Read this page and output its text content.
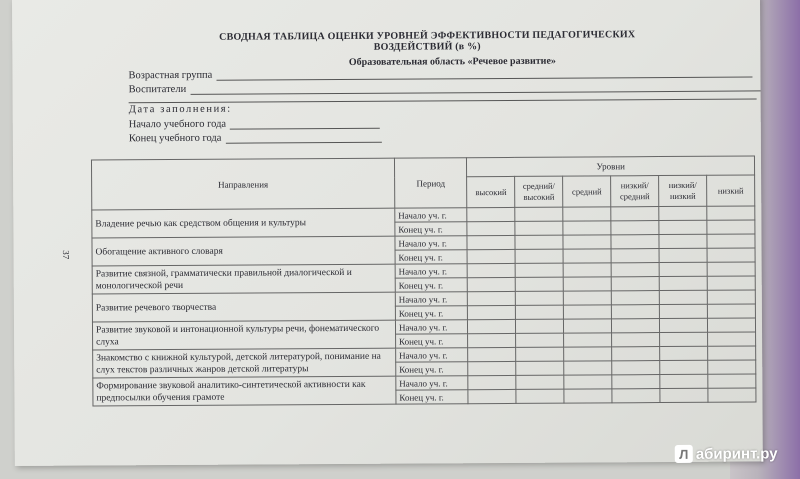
СВОДНАЯ ТАБЛИЦА ОЦЕНКИ УРОВНЕЙ ЭФФЕКТИВНОСТИ ПЕДАГОГИЧЕСКИХ ВОЗДЕЙСТВИЙ (в %)
Образовательная область «Речевое развитие»
Возрастная группа
Воспитатели
Дата заполнения:
Начало учебного года
Конец учебного года
37
Направления	Период	Уровни					
		высокий	средний/ высокий	средний	низкий/ средний	низкий/ низкий	низкий
Владение речью как средством общения и культуры	Начало уч. г.						
	Конец уч. г.						
Обогащение активного словаря	Начало уч. г.						
	Конец уч. г.						
Развитие связной, грамматически правильной диалогической и монологической речи	Начало уч. г.						
	Конец уч. г.						
Развитие речевого творчества	Начало уч. г.						
	Конец уч. г.						
Развитие звуковой и интонационной культуры речи, фонематического слуха	Начало уч. г.						
	Конец уч. г.						
Знакомство с книжной культурой, детской литературой, понимание на слух текстов различных жанров детской литературы	Начало уч. г.						
	Конец уч. г.						
Формирование звуковой аналитико-синтетической активности как предпосылки обучения грамоте	Начало уч. г.						
	Конец уч. г.						
Л абиринт.ру
